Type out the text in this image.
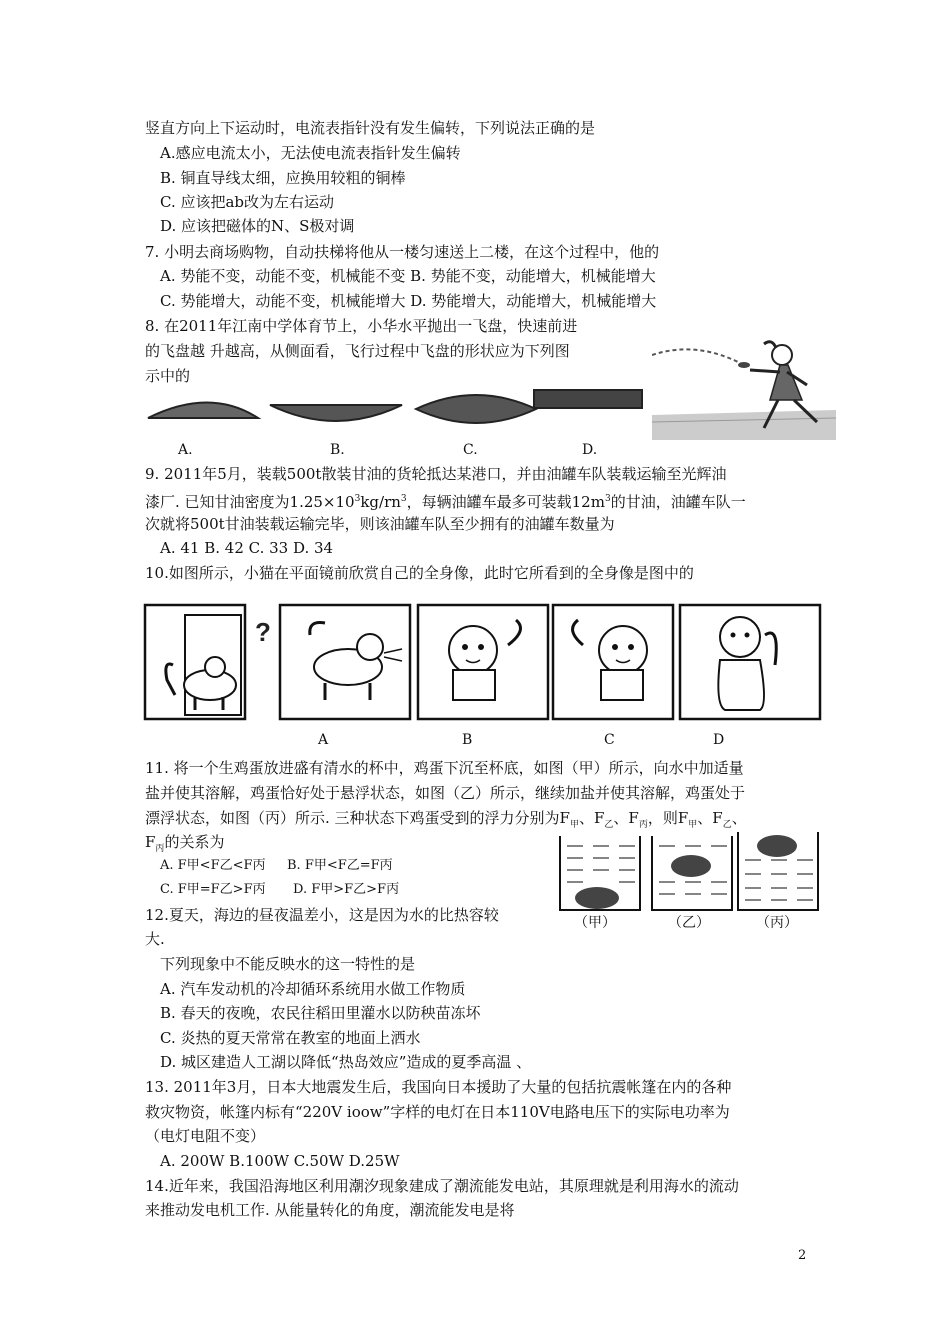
竖直方向上下运动时，电流表指针没有发生偏转，下列说法正确的是
A.感应电流太小，无法使电流表指针发生偏转
B. 铜直导线太细，应换用较粗的铜棒
C. 应该把ab改为左右运动
D. 应该把磁体的N、S极对调
7. 小明去商场购物，自动扶梯将他从一楼匀速送上二楼，在这个过程中，他的
A. 势能不变，动能不变，机械能不变 B. 势能不变，动能增大，机械能增大
C. 势能增大，动能不变，机械能增大 D. 势能增大，动能增大，机械能增大
8. 在2011年江南中学体育节上，小华水平抛出一飞盘，快速前进
的飞盘越 升越高，从侧面看，飞行过程中飞盘的形状应为下列图
示中的
A.	B.	C.	D.
9. 2011年5月，装载500t散装甘油的货轮抵达某港口，并由油罐车队装载运输至光辉油
漆厂. 已知甘油密度为$1.25\times 10^3kg/rn^3$，每辆油罐车最多可装载$12m^3$的甘油，油罐车队一
次就将500t甘油装载运输完毕，则该油罐车队至少拥有的油罐车数量为
A. 41 B. 42 C. 33 D. 34
10.如图所示，小猫在平面镜前欣赏自己的全身像，此时它所看到的全身像是图中的
?
A	B	C	D
11. 将一个生鸡蛋放进盛有清水的杯中，鸡蛋下沉至杯底，如图（甲）所示，向水中加适量
盐并使其溶解，鸡蛋恰好处于悬浮状态，如图（乙）所示，继续加盐并使其溶解，鸡蛋处于
漂浮状态，如图（丙）所示. 三种状态下鸡蛋受到的浮力分别为$F_甲$、$F_乙$、$F_丙$，则$F_甲$、$F_乙$、
$F_丙$的关系为
A. F甲<F乙<F丙 B. F甲<F乙=F丙
C. F甲=F乙>F丙 D. F甲>F乙>F丙
（甲）	（乙）	（丙）
12.夏天，海边的昼夜温差小，这是因为水的比热容较
大.
下列现象中不能反映水的这一特性的是
A. 汽车发动机的冷却循环系统用水做工作物质
B. 春天的夜晚，农民往稻田里灌水以防秧苗冻坏
C. 炎热的夏天常常在教室的地面上洒水
D. 城区建造人工湖以降低“热岛效应”造成的夏季高温 、
13. 2011年3月，日本大地震发生后，我国向日本援助了大量的包括抗震帐篷在内的各种
救灾物资，帐篷内标有“220V ioow”字样的电灯在日本110V电路电压下的实际电功率为
（电灯电阻不变）
A. 200W B.100W C.50W D.25W
14.近年来，我国沿海地区利用潮汐现象建成了潮流能发电站，其原理就是利用海水的流动
来推动发电机工作. 从能量转化的角度，潮流能发电是将
2
